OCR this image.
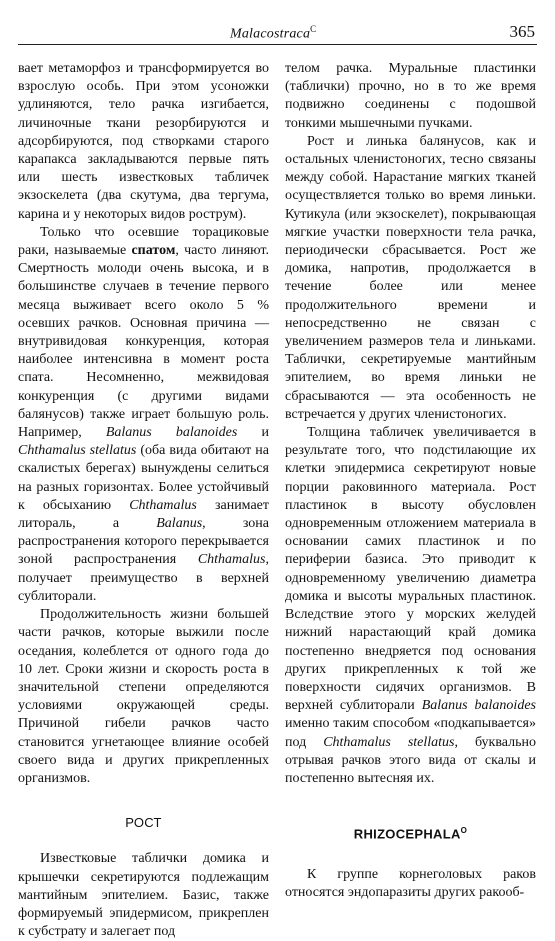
Malacostraca$^C$	365

вает метаморфоз и трансформируется во взрослую особь. При этом усоножки удлиняются, тело рачка изгибается, личиночные ткани резорбируются и адсорбируются, под створками старого карапакса закладываются первые пять или шесть известковых табличек экзоскелета (два скутума, два тергума, карина и у некоторых видов рострум).

Только что осевшие торациковые раки, называемые спатом, часто линяют. Смертность молоди очень высока, и в большинстве случаев в течение первого месяца выживает всего около 5 % осевших рачков. Основная причина — внутривидовая конкуренция, которая наиболее интенсивна в момент роста спата. Несомненно, межвидовая конкуренция (с другими видами балянусов) также играет большую роль. Например, Balanus balanoides и Chthamalus stellatus (оба вида обитают на скалистых берегах) вынуждены селиться на разных горизонтах. Более устойчивый к обсыханию Chthamalus занимает литораль, а Balanus, зона распространения которого перекрывается зоной распространения Chthamalus, получает преимущество в верхней сублиторали.

Продолжительность жизни большей части рачков, которые выжили после оседания, колеблется от одного года до 10 лет. Сроки жизни и скорость роста в значительной степени определяются условиями окружающей среды. Причиной гибели рачков часто становится угнетающее влияние особей своего вида и других прикрепленных организмов.

РОСТ

Известковые таблички домика и крышечки секретируются подлежащим мантийным эпителием. Базис, также формируемый эпидермисом, прикреплен к субстрату и залегает под

телом рачка. Муральные пластинки (таблички) прочно, но в то же время подвижно соединены с подошвой тонкими мышечными пучками.

Рост и линька балянусов, как и остальных членистоногих, тесно связаны между собой. Нарастание мягких тканей осуществляется только во время линьки. Кутикула (или экзоскелет), покрывающая мягкие участки поверхности тела рачка, периодически сбрасывается. Рост же домика, напротив, продолжается в течение более или менее продолжительного времени и непосредственно не связан с увеличением размеров тела и линьками. Таблички, секретируемые мантийным эпителием, во время линьки не сбрасываются — эта особенность не встречается у других членистоногих.

Толщина табличек увеличивается в результате того, что подстилающие их клетки эпидермиса секретируют новые порции раковинного материала. Рост пластинок в высоту обусловлен одновременным отложением материала в основании самих пластинок и по периферии базиса. Это приводит к одновременному увеличению диаметра домика и высоты муральных пластинок. Вследствие этого у морских желудей нижний нарастающий край домика постепенно внедряется под основания других прикрепленных к той же поверхности сидячих организмов. В верхней сублиторали Balanus balanoides именно таким способом «подкапывается» под Chthamalus stellatus, буквально отрывая рачков этого вида от скалы и постепенно вытесняя их.

$RHIZOCEPHALA^O$

К группе корнеголовых раков относятся эндопаразиты других ракооб-
